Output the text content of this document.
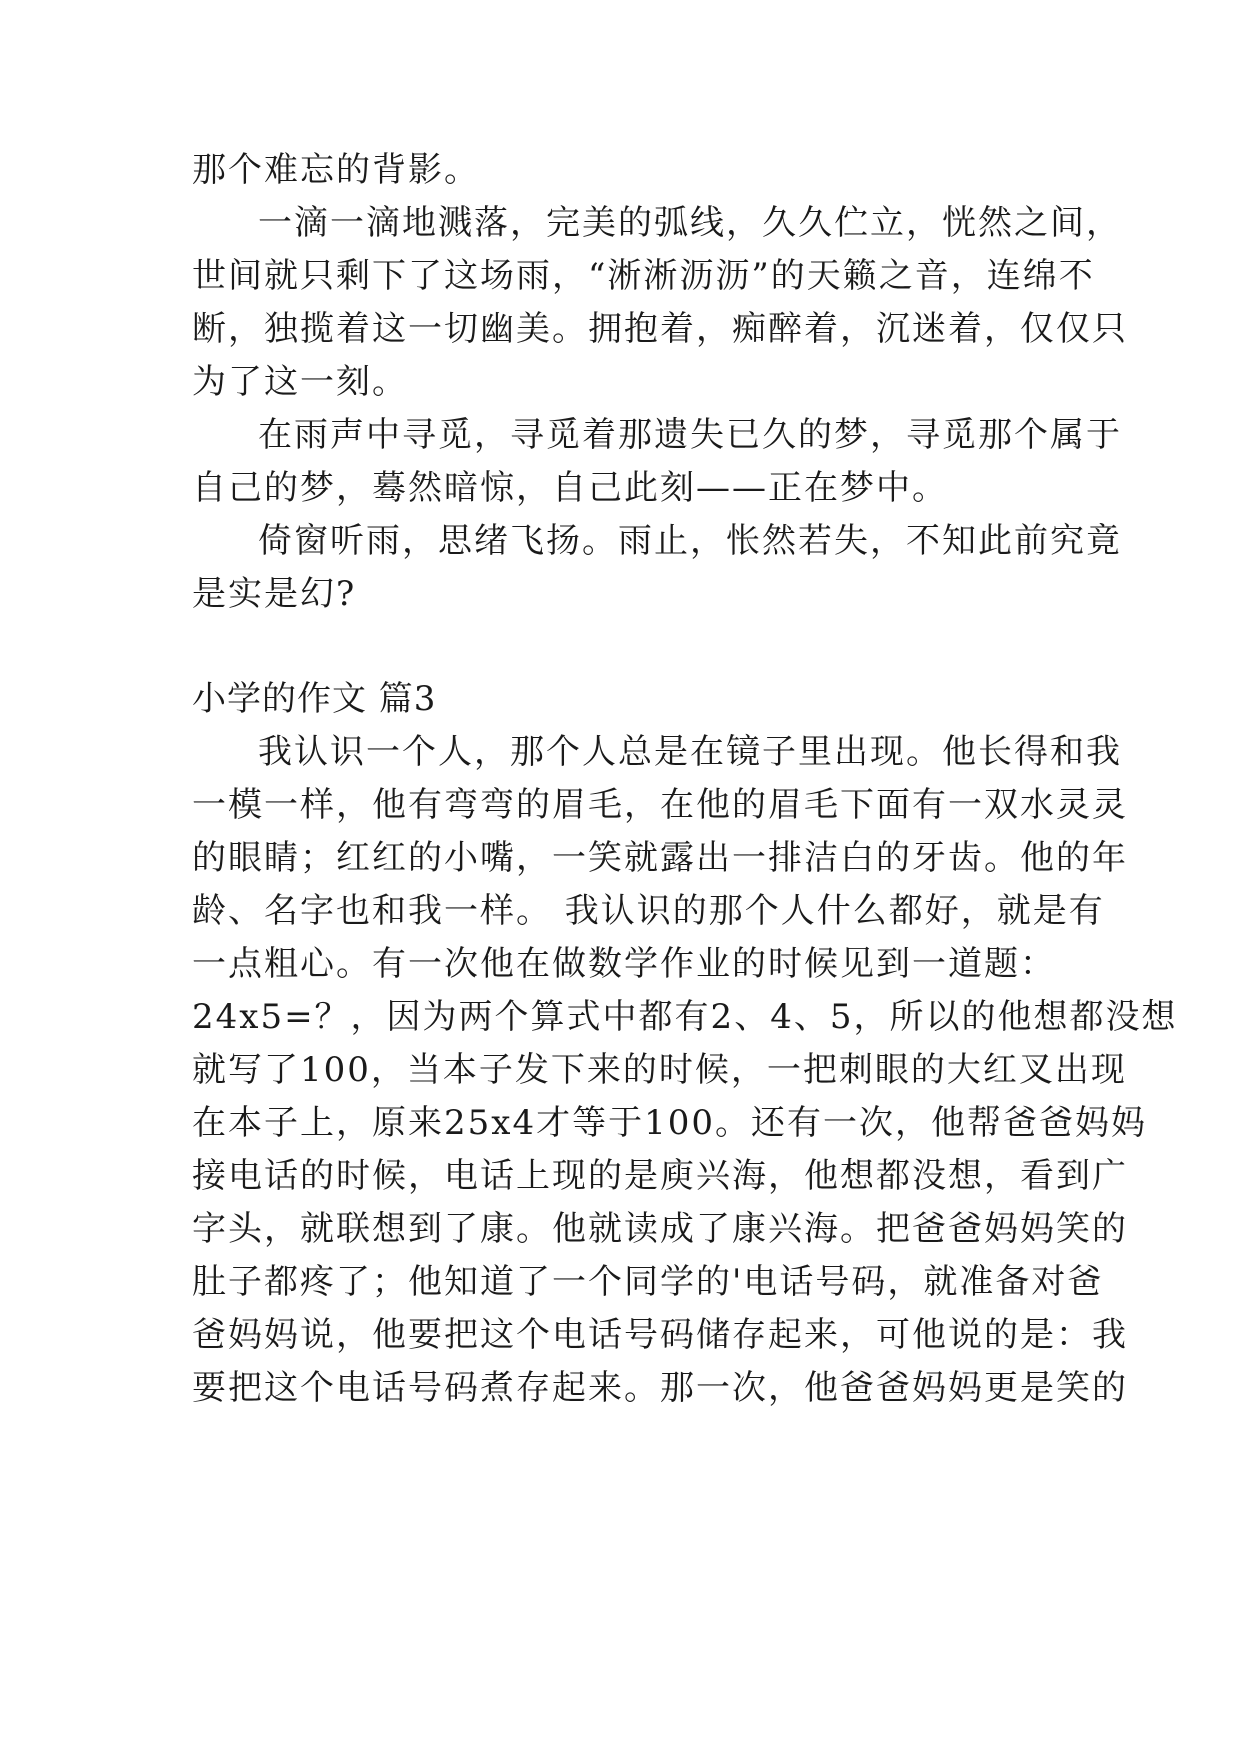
那个难忘的背影。
一滴一滴地溅落，完美的弧线，久久伫立，恍然之间，
世间就只剩下了这场雨，“淅淅沥沥”的天籁之音，连绵不
断，独揽着这一切幽美。拥抱着，痴醉着，沉迷着，仅仅只
为了这一刻。
在雨声中寻觅，寻觅着那遗失已久的梦，寻觅那个属于
自己的梦，蓦然暗惊，自己此刻——正在梦中。
倚窗听雨，思绪飞扬。雨止，怅然若失，不知此前究竟
是实是幻?
小学的作文 篇3
我认识一个人，那个人总是在镜子里出现。他长得和我
一模一样，他有弯弯的眉毛，在他的眉毛下面有一双水灵灵
的眼睛；红红的小嘴，一笑就露出一排洁白的牙齿。他的年
龄、名字也和我一样。 我认识的那个人什么都好，就是有
一点粗心。有一次他在做数学作业的时候见到一道题：
24x5=？，因为两个算式中都有2、4、5，所以的他想都没想
就写了100，当本子发下来的时候，一把刺眼的大红叉出现
在本子上，原来25x4才等于100。还有一次，他帮爸爸妈妈
接电话的时候，电话上现的是庾兴海，他想都没想，看到广
字头，就联想到了康。他就读成了康兴海。把爸爸妈妈笑的
肚子都疼了；他知道了一个同学的'电话号码，就准备对爸
爸妈妈说，他要把这个电话号码储存起来，可他说的是：我
要把这个电话号码煮存起来。那一次，他爸爸妈妈更是笑的
